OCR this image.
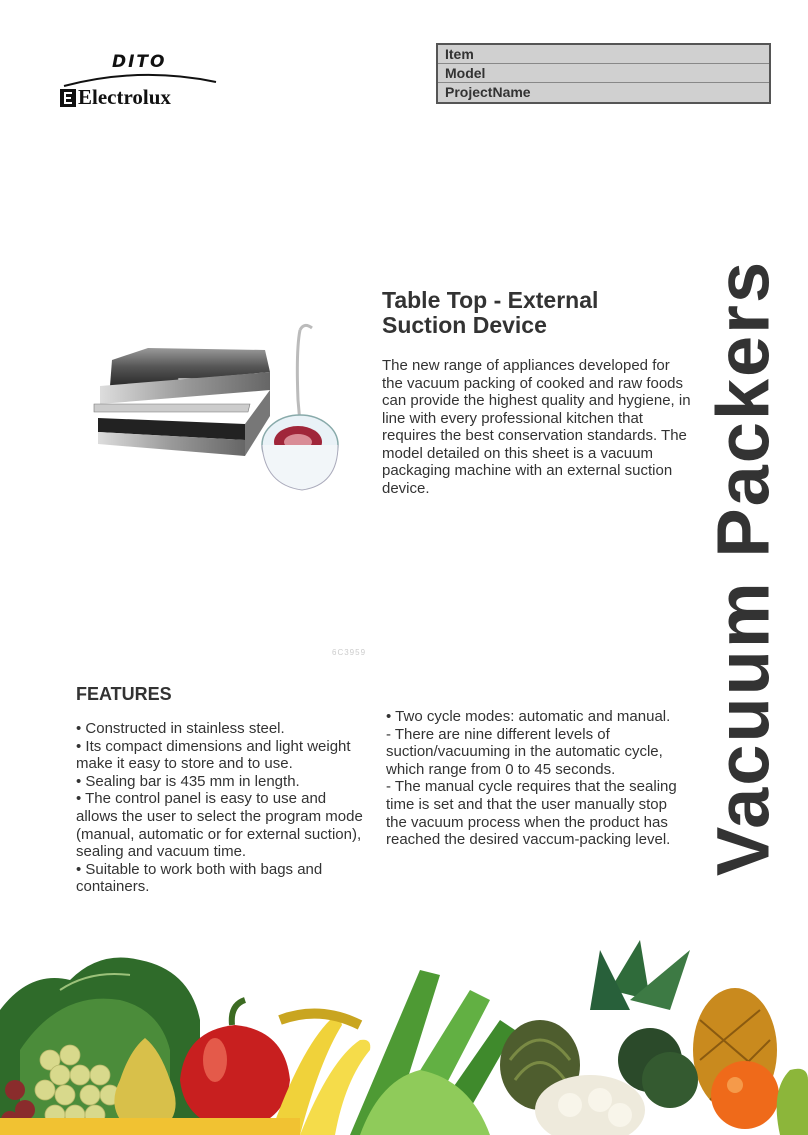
DITO
Electrolux
Item
Model
ProjectName
Vacuum Packers
6C3959
Table Top - External Suction Device

The new range of appliances developed for the vacuum packing of cooked and raw foods can provide the highest quality and hygiene, in line with every professional kitchen that requires the best conservation standards. The model detailed on this sheet is a vacuum packaging machine with an external suction device.

FEATURES
• Constructed in stainless steel.
• Its compact dimensions and light weight make it easy to store and to use.
• Sealing bar is 435 mm in length.
• The control panel is easy to use and allows the user to select the program mode (manual, automatic or for external suction), sealing and vacuum time.
• Suitable to work both with bags and containers.
• Two cycle modes: automatic and manual.
- There are nine different levels of suction/vacuuming in the automatic cycle, which range from 0 to 45 seconds.
- The manual cycle requires that the sealing time is set and that the user manually stop the vacuum process when the product has reached the desired vaccum-packing level.
